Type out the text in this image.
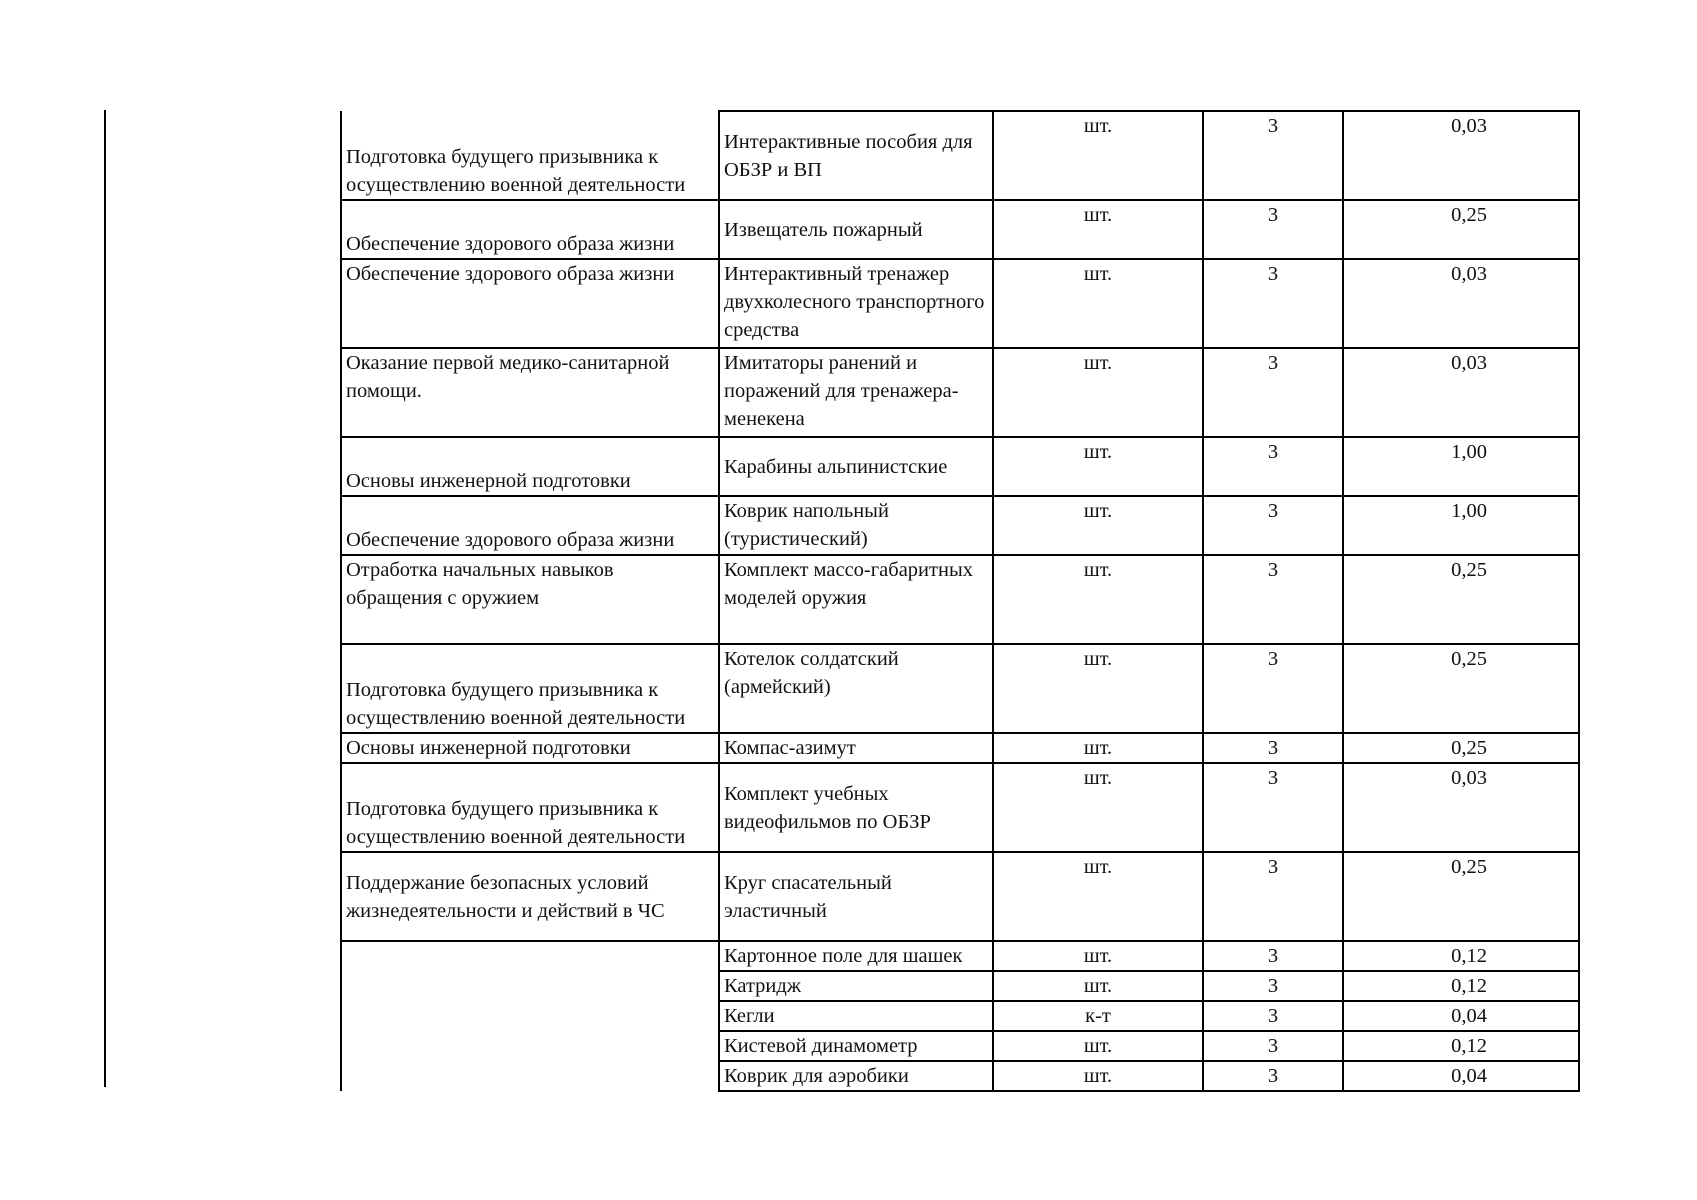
Подготовка будущего призывника к осуществлению военной деятельности	Интерактивные пособия для ОБЗР и ВП	шт.	3	0,03
Обеспечение здорового образа жизни	Извещатель пожарный	шт.	3	0,25
Обеспечение здорового образа жизни	Интерактивный тренажер двухколесного транспортного средства	шт.	3	0,03
Оказание первой медико-санитарной помощи.	Имитаторы ранений и поражений для тренажера-менекена	шт.	3	0,03
Основы инженерной подготовки	Карабины альпинистские	шт.	3	1,00
Обеспечение здорового образа жизни	Коврик напольный (туристический)	шт.	3	1,00
Отработка начальных навыков обращения с оружием	Комплект массо-габаритных моделей оружия	шт.	3	0,25
Подготовка будущего призывника к осуществлению военной деятельности	Котелок солдатский (армейский)	шт.	3	0,25
Основы инженерной подготовки	Компас-азимут	шт.	3	0,25
Подготовка будущего призывника к осуществлению военной деятельности	Комплект учебных видеофильмов по ОБЗР	шт.	3	0,03
Поддержание безопасных условий жизнедеятельности и действий в ЧС	Круг спасательный эластичный	шт.	3	0,25
	Картонное поле для шашек	шт.	3	0,12
	Катридж	шт.	3	0,12
	Кегли	к-т	3	0,04
	Кистевой динамометр	шт.	3	0,12
	Коврик для аэробики	шт.	3	0,04
